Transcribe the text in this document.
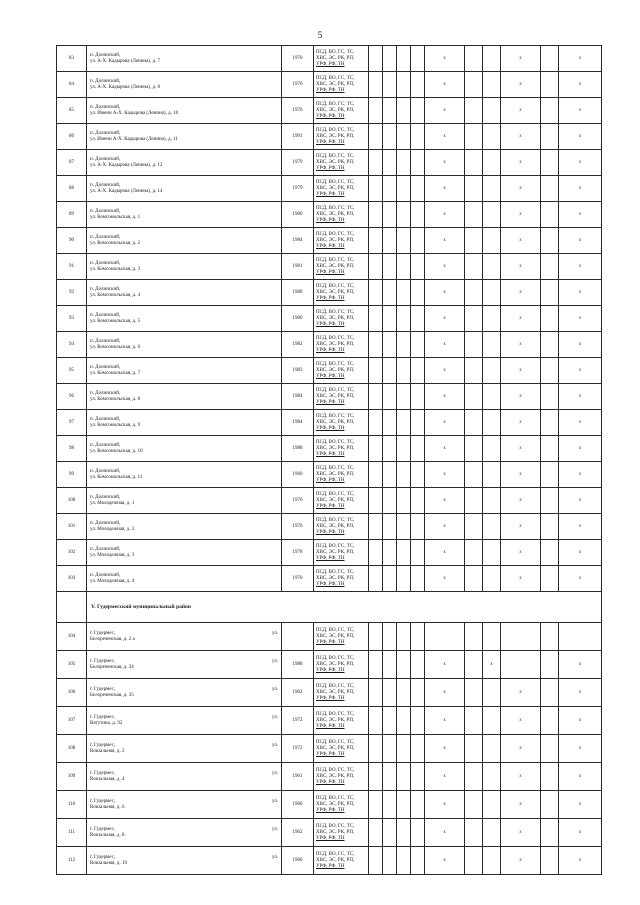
5
83	п. Долинский,
ул. А-Х. Кадырова (Ленина), д. 7	1976	ПСД, ВО, ГС, ТС,
ХВС, ЭС, РК, РП,
УРФ, РФ, ТН					x			x		x
84	п. Долинский,
ул. А-Х. Кадырова (Ленина), д. 8	1976	ПСД, ВО, ГС, ТС,
ХВС, ЭС, РК, РП,
УРФ, РФ, ТН					x			x		x
85	п. Долинский,
ул. Имени А-Х. Кадырова (Ленина), д. 10	1976	ПСД, ВО, ГС, ТС,
ХВС, ЭС, РК, РП,
УРФ, РФ, ТН					x			x		x
86	п. Долинский,
ул. Имени А-Х. Кадырова (Ленина), д. 11	1991	ПСД, ВО, ГС, ТС,
ХВС, ЭС, РК, РП,
УРФ, РФ, ТН					x			x		x
87	п. Долинский,
ул. А-Х. Кадырова (Ленина), д. 12	1979	ПСД, ВО, ГС, ТС,
ХВС, ЭС, РК, РП,
УРФ, РФ, ТН					x			x		x
88	п. Долинский,
ул. А-Х. Кадырова (Ленина), д. 14	1979	ПСД, ВО, ГС, ТС,
ХВС, ЭС, РК, РП,
УРФ, РФ, ТН					x			x		x
89	п. Долинский,
ул. Комсомольская, д. 1	1980	ПСД, ВО, ГС, ТС,
ХВС, ЭС, РК, РП,
УРФ, РФ, ТН					x			x		x
90	п. Долинский,
ул. Комсомольская, д. 2	1984	ПСД, ВО, ГС, ТС,
ХВС, ЭС, РК, РП,
УРФ, РФ, ТН					x			x		x
91	п. Долинский,
ул. Комсомольская, д. 3	1981	ПСД, ВО, ГС, ТС,
ХВС, ЭС, РК, РП,
УРФ, РФ, ТН					x			x		x
92	п. Долинский,
ул. Комсомольская, д. 4	1980	ПСД, ВО, ГС, ТС,
ХВС, ЭС, РК, РП,
УРФ, РФ, ТН					x			x		x
93	п. Долинский,
ул. Комсомольская, д. 5	1980	ПСД, ВО, ГС, ТС,
ХВС, ЭС, РК, РП,
УРФ, РФ, ТН					x			x		x
94	п. Долинский,
ул. Комсомольская, д. 6	1982	ПСД, ВО, ГС, ТС,
ХВС, ЭС, РК, РП,
УРФ, РФ, ТН					x			x		x
95	п. Долинский,
ул. Комсомольская, д. 7	1983	ПСД, ВО, ГС, ТС,
ХВС, ЭС, РК, РП,
УРФ, РФ, ТН					x			x		x
96	п. Долинский,
ул. Комсомольская, д. 8	1984	ПСД, ВО, ГС, ТС,
ХВС, ЭС, РК, РП,
УРФ, РФ, ТН					x			x		x
97	п. Долинский,
ул. Комсомольская, д. 9	1984	ПСД, ВО, ГС, ТС,
ХВС, ЭС, РК, РП,
УРФ, РФ, ТН					x			x		x
98	п. Долинский,
ул. Комсомольская, д. 10	1988	ПСД, ВО, ГС, ТС,
ХВС, ЭС, РК, РП,
УРФ, РФ, ТН					x			x		x
99	п. Долинский,
ул. Комсомольская, д. 11	1960	ПСД, ВО, ГС, ТС,
ХВС, ЭС, РК, РП,
УРФ, РФ, ТН					x			x		x
100	п. Долинский,
ул. Молодежная, д. 1	1976	ПСД, ВО, ГС, ТС,
ХВС, ЭС, РК, РП,
УРФ, РФ, ТН					x			x		x
101	п. Долинский,
ул. Молодежная, д. 2	1976	ПСД, ВО, ГС, ТС,
ХВС, ЭС, РК, РП,
УРФ, РФ, ТН					x			x		x
102	п. Долинский,
ул. Молодежная, д. 3	1978	ПСД, ВО, ГС, ТС,
ХВС, ЭС, РК, РП,
УРФ, РФ, ТН					x			x		x
103	п. Долинский,
ул. Молодежная, д. 4	1976	ПСД, ВО, ГС, ТС,
ХВС, ЭС, РК, РП,
УРФ, РФ, ТН					x			x		x
	V. Гудермесский муниципальный район												
104	г. Гудермес, ул.
Белореченская, д. 2 а		ПСД, ВО, ГС, ТС,
ХВС, ЭС, РК, РП,
УРФ, РФ, ТН										

105	г. Гудермес, ул.
Белореченская, д. 34	1988	ПСД, ВО, ГС, ТС,
ХВС, ЭС, РК, РП,
УРФ, РФ, ТН					x		x			x
106	г. Гудермес, ул.
Белореченская, д. 35	1962	ПСД, ВО, ГС, ТС,
ХВС, ЭС, РК, РП,
УРФ, РФ, ТН					x			x		x
107	г. Гудермес, ул.
Ватутина, д. 92	1972	ПСД, ВО, ГС, ТС,
ХВС, ЭС, РК, РП,
УРФ, РФ, ТН					x			x		x
108	г. Гудермес, ул.
Вокзальная, д. 2	1972	ПСД, ВО, ГС, ТС,
ХВС, ЭС, РК, РП,
УРФ, РФ, ТН					x			x		x
109	г. Гудермес, ул.
Вокзальная, д. 4	1961	ПСД, ВО, ГС, ТС,
ХВС, ЭС, РК, РП,
УРФ, РФ, ТН					x			x		x
110	г. Гудермес, ул.
Вокзальная, д. 6	1960	ПСД, ВО, ГС, ТС,
ХВС, ЭС, РК, РП,
УРФ, РФ, ТН					x			x		x
111	г. Гудермес, ул.
Вокзальная, д. 8	1962	ПСД, ВО, ГС, ТС,
ХВС, ЭС, РК, РП,
УРФ, РФ, ТН					x			x		x
112	г. Гудермес, ул.
Вокзальная, д. 10	1960	ПСД, ВО, ГС, ТС,
ХВС, ЭС, РК, РП,
УРФ, РФ, ТН					x			x		x
